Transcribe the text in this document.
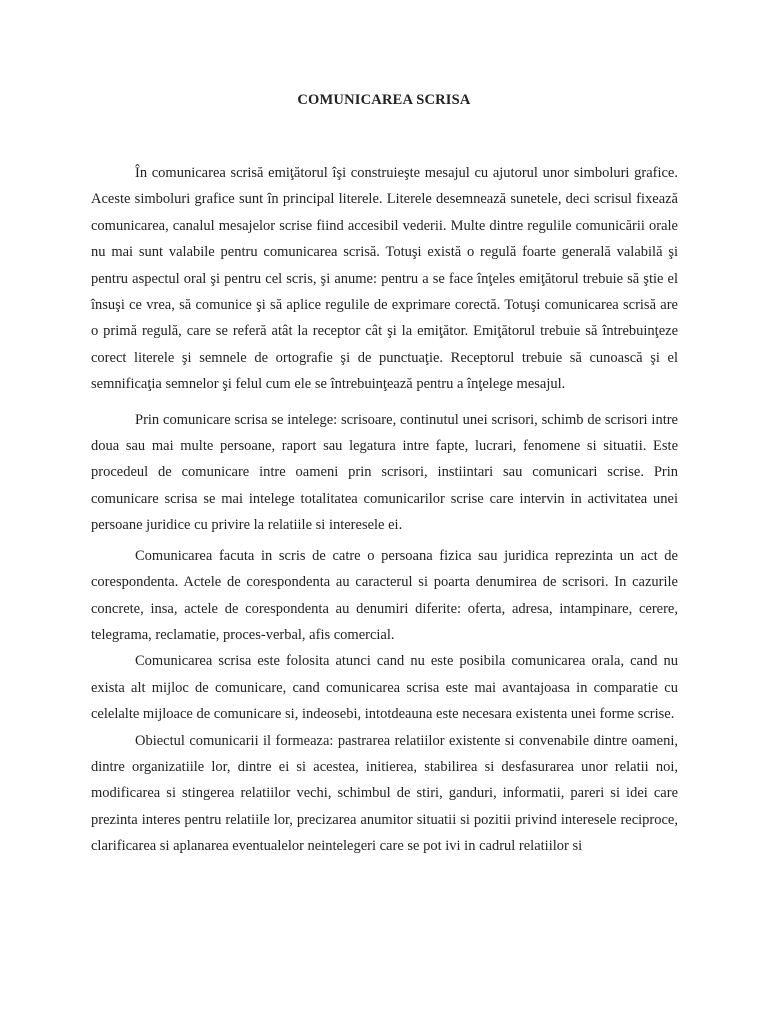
COMUNICAREA SCRISA

În comunicarea scrisă emiţătorul îşi construieşte mesajul cu ajutorul unor simboluri grafice. Aceste simboluri grafice sunt în principal literele. Literele desemnează sunetele, deci scrisul fixează comunicarea, canalul mesajelor scrise fiind accesibil vederii. Multe dintre regulile comunicării orale nu mai sunt valabile pentru comunicarea scrisă. Totuşi există o regulă foarte generală valabilă şi pentru aspectul oral şi pentru cel scris, şi anume: pentru a se face înţeles emiţătorul trebuie să ştie el însuşi ce vrea, să comunice şi să aplice regulile de exprimare corectă. Totuşi comunicarea scrisă are o primă regulă, care se referă atât la receptor cât şi la emiţător. Emiţătorul trebuie să întrebuinţeze corect literele şi semnele de ortografie şi de punctuaţie. Receptorul trebuie să cunoască şi el semnificaţia semnelor şi felul cum ele se întrebuinţează pentru a înţelege mesajul.

Prin comunicare scrisa se intelege: scrisoare, continutul unei scrisori, schimb de scrisori intre doua sau mai multe persoane, raport sau legatura intre fapte, lucrari, fenomene si situatii. Este procedeul de comunicare intre oameni prin scrisori, instiintari sau comunicari scrise. Prin comunicare scrisa se mai intelege totalitatea comunicarilor scrise care intervin in activitatea unei persoane juridice cu privire la relatiile si interesele ei.

Comunicarea facuta in scris de catre o persoana fizica sau juridica reprezinta un act de corespondenta. Actele de corespondenta au caracterul si poarta denumirea de scrisori. In cazurile concrete, insa, actele de corespondenta au denumiri diferite: oferta, adresa, intampinare, cerere, telegrama, reclamatie, proces-verbal, afis comercial.

Comunicarea scrisa este folosita atunci cand nu este posibila comunicarea orala, cand nu exista alt mijloc de comunicare, cand comunicarea scrisa este mai avantajoasa in comparatie cu celelalte mijloace de comunicare si, indeosebi, intotdeauna este necesara existenta unei forme scrise.

Obiectul comunicarii il formeaza: pastrarea relatiilor existente si convenabile dintre oameni, dintre organizatiile lor, dintre ei si acestea, initierea, stabilirea si desfasurarea unor relatii noi, modificarea si stingerea relatiilor vechi, schimbul de stiri, ganduri, informatii, pareri si idei care prezinta interes pentru relatiile lor, precizarea anumitor situatii si pozitii privind interesele reciproce, clarificarea si aplanarea eventualelor neintelegeri care se pot ivi in cadrul relatiilor si
